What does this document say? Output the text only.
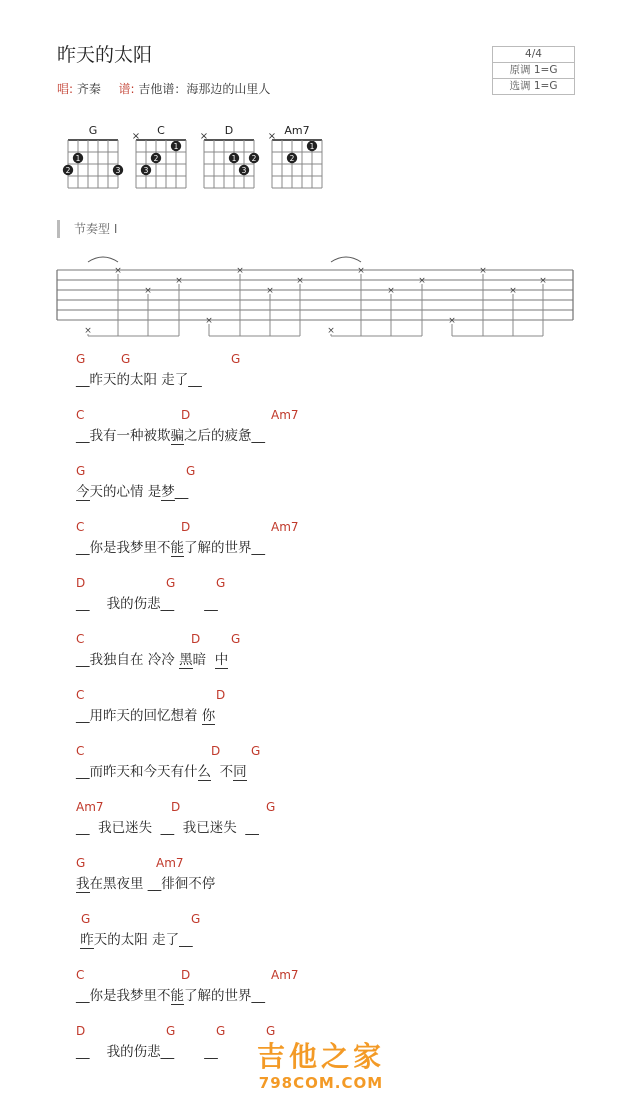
昨天的太阳
唱: 齐秦 谱: 吉他谱：海那边的山里人
4/4
原调 1=G
选调 1=G
G
1
2	3
C
×
1
2
3
D
×
1 2
3
Am7
×
1
2
节奏型 I
×
×
×
×
×
×
×
×
×
×
×
×
×
×
×
×
G	G	G
__昨天的太阳 走了__
C	D	Am7
__我有一种被欺骗之后的疲惫__
G	G
今天的心情 是梦__
C	D	Am7
__你是我梦里不能了解的世界__
D	G	G
__    我的伤悲__       __
C	D	G
__我独自在 冷冷 黑暗  中
C	D
__用昨天的回忆想着 你
C	D	G
__而昨天和今天有什么  不同
Am7	D	G
__  我已迷失  __  我已迷失  __
G	Am7
我在黑夜里 __徘徊不停
G	G
昨天的太阳 走了__
C	D	Am7
__你是我梦里不能了解的世界__
D	G	G	G
__    我的伤悲__       __	吉他之家
798COM.COM
